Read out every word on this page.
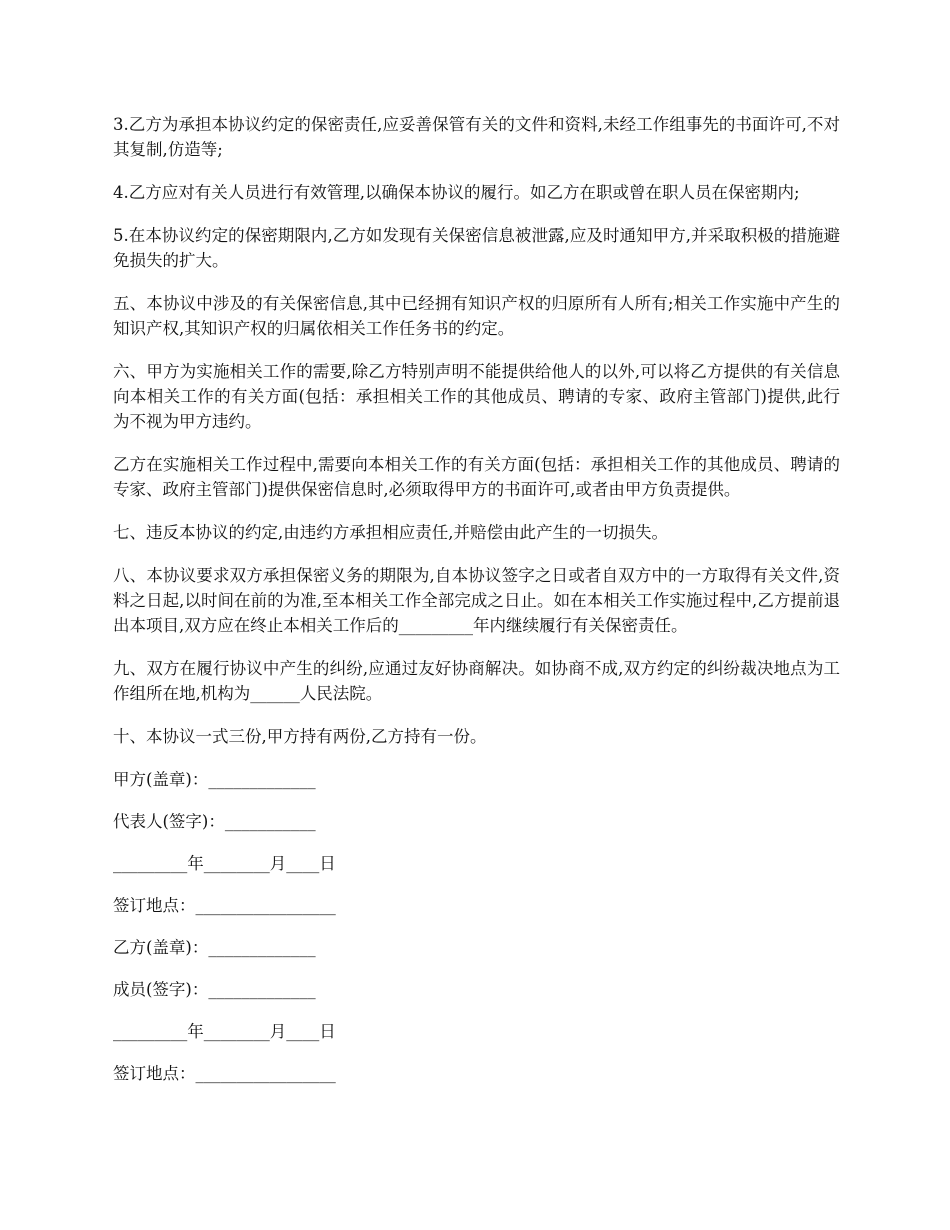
3.乙方为承担本协议约定的保密责任,应妥善保管有关的文件和资料,未经工作组事先的书面许可,不对其复制,仿造等;

4.乙方应对有关人员进行有效管理,以确保本协议的履行。如乙方在职或曾在职人员在保密期内;

5.在本协议约定的保密期限内,乙方如发现有关保密信息被泄露,应及时通知甲方,并采取积极的措施避免损失的扩大。

五、本协议中涉及的有关保密信息,其中已经拥有知识产权的归原所有人所有;相关工作实施中产生的知识产权,其知识产权的归属依相关工作任务书的约定。

六、甲方为实施相关工作的需要,除乙方特别声明不能提供给他人的以外,可以将乙方提供的有关信息向本相关工作的有关方面(包括：承担相关工作的其他成员、聘请的专家、政府主管部门)提供,此行为不视为甲方违约。

乙方在实施相关工作过程中,需要向本相关工作的有关方面(包括：承担相关工作的其他成员、聘请的专家、政府主管部门)提供保密信息时,必须取得甲方的书面许可,或者由甲方负责提供。

七、违反本协议的约定,由违约方承担相应责任,并赔偿由此产生的一切损失。

八、本协议要求双方承担保密义务的期限为,自本协议签字之日或者自双方中的一方取得有关文件,资料之日起,以时间在前的为准,至本相关工作全部完成之日止。如在本相关工作实施过程中,乙方提前退出本项目,双方应在终止本相关工作后的_________年内继续履行有关保密责任。

九、双方在履行协议中产生的纠纷,应通过友好协商解决。如协商不成,双方约定的纠纷裁决地点为工作组所在地,机构为______人民法院。

十、本协议一式三份,甲方持有两份,乙方持有一份。

甲方(盖章)：_____________
代表人(签字)：___________
_________年________月____日
签订地点：_________________
乙方(盖章)：_____________
成员(签字)：_____________
_________年________月____日
签订地点：_________________
